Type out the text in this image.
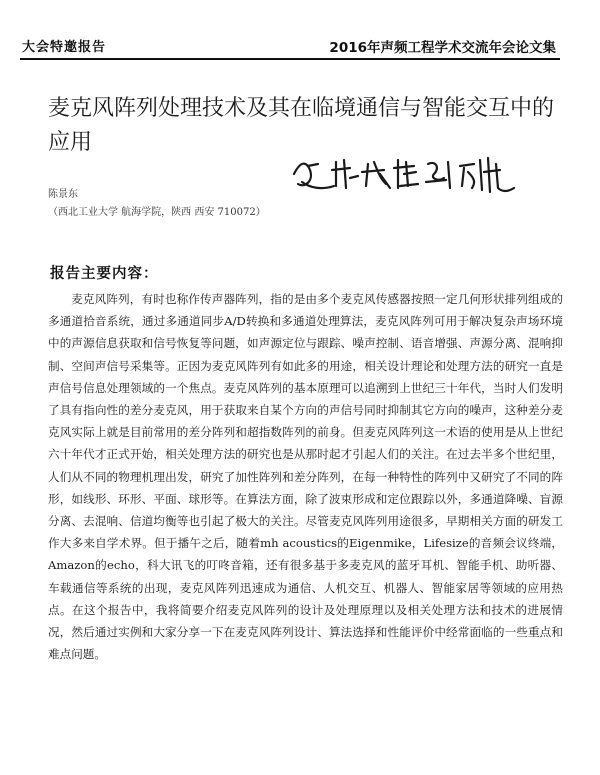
大会特邀报告	2016年声频工程学术交流年会论文集
麦克风阵列处理技术及其在临境通信与智能交互中的应用
陈景东
（西北工业大学 航海学院，陕西 西安 710072）
报告主要内容：
麦克风阵列，有时也称作传声器阵列，指的是由多个麦克风传感器按照一定几何形状排列组成的多通道拾音系统，通过多通道同步A/D转换和多通道处理算法，麦克风阵列可用于解决复杂声场环境中的声源信息获取和信号恢复等问题，如声源定位与跟踪、噪声控制、语音增强、声源分离、混响抑制、空间声信号采集等。正因为麦克风阵列有如此多的用途，相关设计理论和处理方法的研究一直是声信号信息处理领域的一个焦点。麦克风阵列的基本原理可以追溯到上世纪三十年代，当时人们发明了具有指向性的差分麦克风，用于获取来自某个方向的声信号同时抑制其它方向的噪声，这种差分麦克风实际上就是目前常用的差分阵列和超指数阵列的前身。但麦克风阵列这一术语的使用是从上世纪六十年代才正式开始，相关处理方法的研究也是从那时起才引起人们的关注。在过去半多个世纪里，人们从不同的物理机理出发，研究了加性阵列和差分阵列，在每一种特性的阵列中又研究了不同的阵形，如线形、环形、平面、球形等。在算法方面，除了波束形成和定位跟踪以外，多通道降噪、盲源分离、去混响、信道均衡等也引起了极大的关注。尽管麦克风阵列用途很多，早期相关方面的研发工作大多来自学术界。但于播午之后，随着mh acoustics的Eigenmike，Lifesize的音频会议终端，Amazon的echo，科大讯飞的叮咚音箱，还有很多基于多麦克风的蓝牙耳机、智能手机、助听器、车载通信等系统的出现，麦克风阵列迅速成为通信、人机交互、机器人、智能家居等领域的应用热点。在这个报告中，我将简要介绍麦克风阵列的设计及处理原理以及相关处理方法和技术的进展情况，然后通过实例和大家分享一下在麦克风阵列设计、算法选择和性能评价中经常面临的一些重点和难点问题。
